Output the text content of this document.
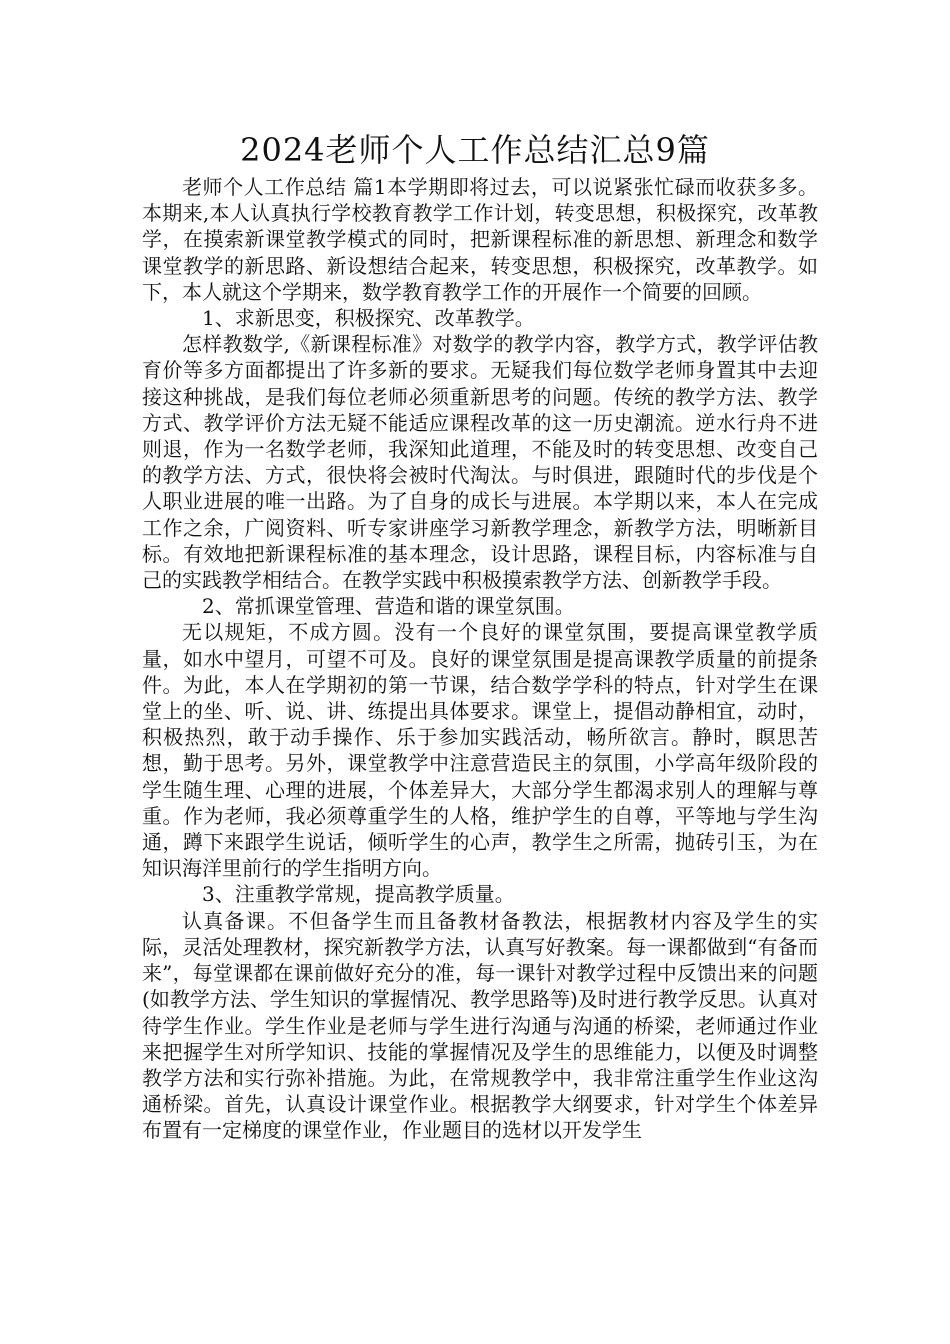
2024老师个人工作总结汇总9篇

老师个人工作总结 篇1本学期即将过去，可以说紧张忙碌而收获多多。本期来,本人认真执行学校教育教学工作计划，转变思想，积极探究，改革教学，在摸索新课堂教学模式的同时，把新课程标准的新思想、新理念和数学课堂教学的新思路、新设想结合起来，转变思想，积极探究，改革教学。如下，本人就这个学期来，数学教育教学工作的开展作一个简要的回顾。

1、求新思变，积极探究、改革教学。

怎样教数学,《新课程标准》对数学的教学内容，教学方式，教学评估教育价等多方面都提出了许多新的要求。无疑我们每位数学老师身置其中去迎接这种挑战，是我们每位老师必须重新思考的问题。传统的教学方法、教学方式、教学评价方法无疑不能适应课程改革的这一历史潮流。逆水行舟不进则退，作为一名数学老师，我深知此道理，不能及时的转变思想、改变自己的教学方法、方式，很快将会被时代淘汰。与时俱进，跟随时代的步伐是个人职业进展的唯一出路。为了自身的成长与进展。本学期以来，本人在完成工作之余，广阅资料、听专家讲座学习新教学理念，新教学方法，明晰新目标。有效地把新课程标准的基本理念，设计思路，课程目标，内容标准与自己的实践教学相结合。在教学实践中积极摸索教学方法、创新教学手段。

2、常抓课堂管理、营造和谐的课堂氛围。

无以规矩，不成方圆。没有一个良好的课堂氛围，要提高课堂教学质量，如水中望月，可望不可及。良好的课堂氛围是提高课教学质量的前提条件。为此，本人在学期初的第一节课，结合数学学科的特点，针对学生在课堂上的坐、听、说、讲、练提出具体要求。课堂上，提倡动静相宜，动时，积极热烈，敢于动手操作、乐于参加实践活动，畅所欲言。静时，瞑思苦想，勤于思考。另外，课堂教学中注意营造民主的氛围，小学高年级阶段的学生随生理、心理的进展，个体差异大，大部分学生都渴求别人的理解与尊重。作为老师，我必须尊重学生的人格，维护学生的自尊，平等地与学生沟通，蹲下来跟学生说话，倾听学生的心声，教学生之所需，抛砖引玉，为在知识海洋里前行的学生指明方向。

3、注重教学常规，提高教学质量。

认真备课。不但备学生而且备教材备教法，根据教材内容及学生的实际，灵活处理教材，探究新教学方法，认真写好教案。每一课都做到“有备而来”，每堂课都在课前做好充分的准，每一课针对教学过程中反馈出来的问题(如教学方法、学生知识的掌握情况、教学思路等)及时进行教学反思。认真对待学生作业。学生作业是老师与学生进行沟通与沟通的桥梁，老师通过作业来把握学生对所学知识、技能的掌握情况及学生的思维能力，以便及时调整教学方法和实行弥补措施。为此，在常规教学中，我非常注重学生作业这沟通桥梁。首先，认真设计课堂作业。根据教学大纲要求，针对学生个体差异布置有一定梯度的课堂作业，作业题目的选材以开发学生
